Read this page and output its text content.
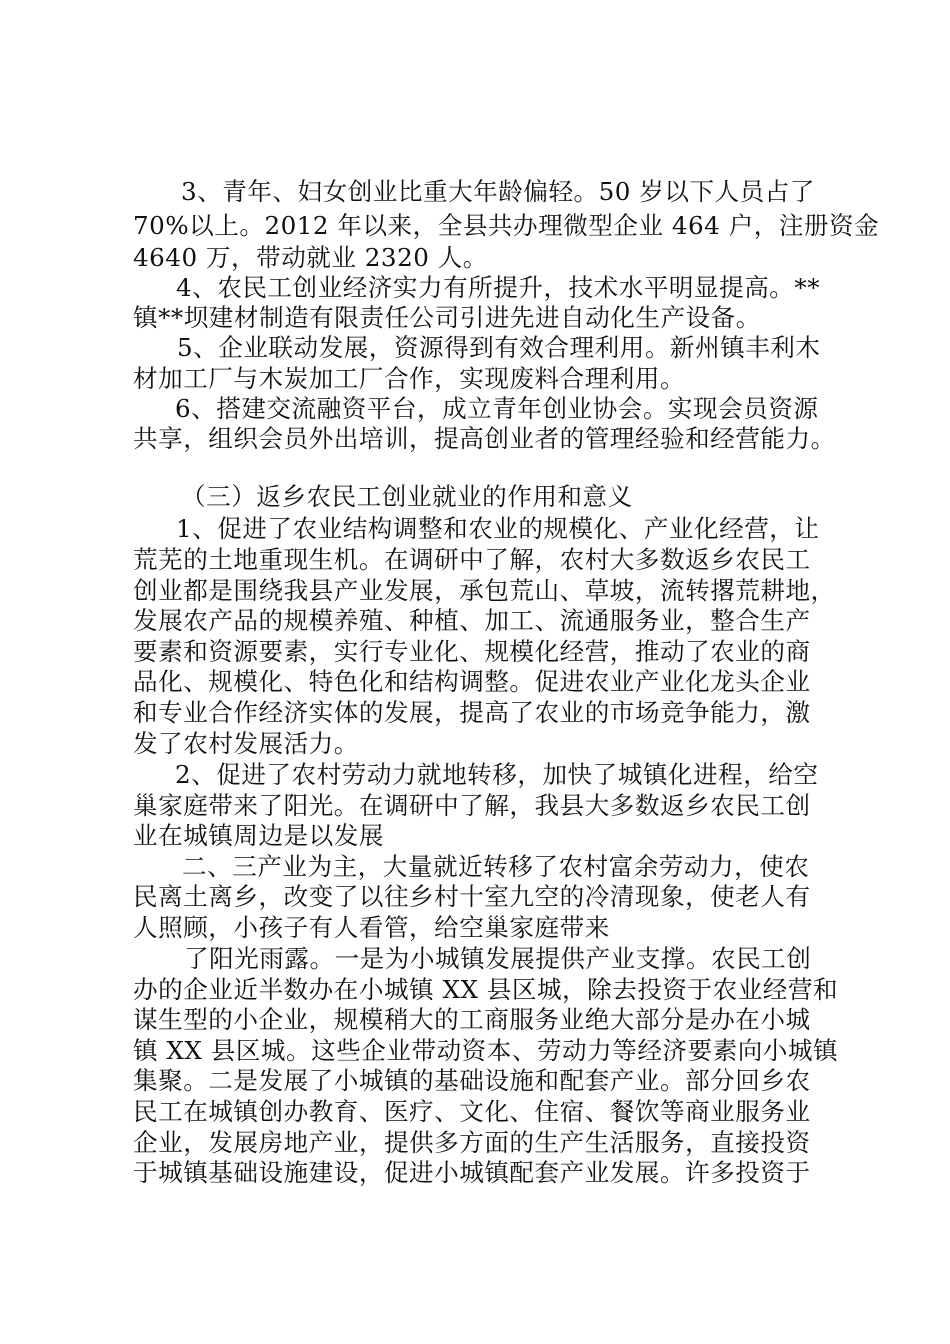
3、青年、妇女创业比重大年龄偏轻。50 岁以下人员占了

70%以上。2012 年以来，全县共办理微型企业 464 户，注册资金

4640 万，带动就业 2320 人。

4、农民工创业经济实力有所提升，技术水平明显提高。**

镇**坝建材制造有限责任公司引进先进自动化生产设备。

5、企业联动发展，资源得到有效合理利用。新州镇丰利木

材加工厂与木炭加工厂合作，实现废料合理利用。

6、搭建交流融资平台，成立青年创业协会。实现会员资源

共享，组织会员外出培训，提高创业者的管理经验和经营能力。

（三）返乡农民工创业就业的作用和意义

1、促进了农业结构调整和农业的规模化、产业化经营，让

荒芜的土地重现生机。在调研中了解，农村大多数返乡农民工

创业都是围绕我县产业发展，承包荒山、草坡，流转撂荒耕地，

发展农产品的规模养殖、种植、加工、流通服务业，整合生产

要素和资源要素，实行专业化、规模化经营，推动了农业的商

品化、规模化、特色化和结构调整。促进农业产业化龙头企业

和专业合作经济实体的发展，提高了农业的市场竞争能力，激

发了农村发展活力。

2、促进了农村劳动力就地转移，加快了城镇化进程，给空

巢家庭带来了阳光。在调研中了解，我县大多数返乡农民工创

业在城镇周边是以发展

二、三产业为主，大量就近转移了农村富余劳动力，使农

民离土离乡，改变了以往乡村十室九空的冷清现象，使老人有

人照顾，小孩子有人看管，给空巢家庭带来

了阳光雨露。一是为小城镇发展提供产业支撑。农民工创

办的企业近半数办在小城镇 XX 县区城，除去投资于农业经营和

谋生型的小企业，规模稍大的工商服务业绝大部分是办在小城

镇 XX 县区城。这些企业带动资本、劳动力等经济要素向小城镇

集聚。二是发展了小城镇的基础设施和配套产业。部分回乡农

民工在城镇创办教育、医疗、文化、住宿、餐饮等商业服务业

企业，发展房地产业，提供多方面的生产生活服务，直接投资

于城镇基础设施建设，促进小城镇配套产业发展。许多投资于
